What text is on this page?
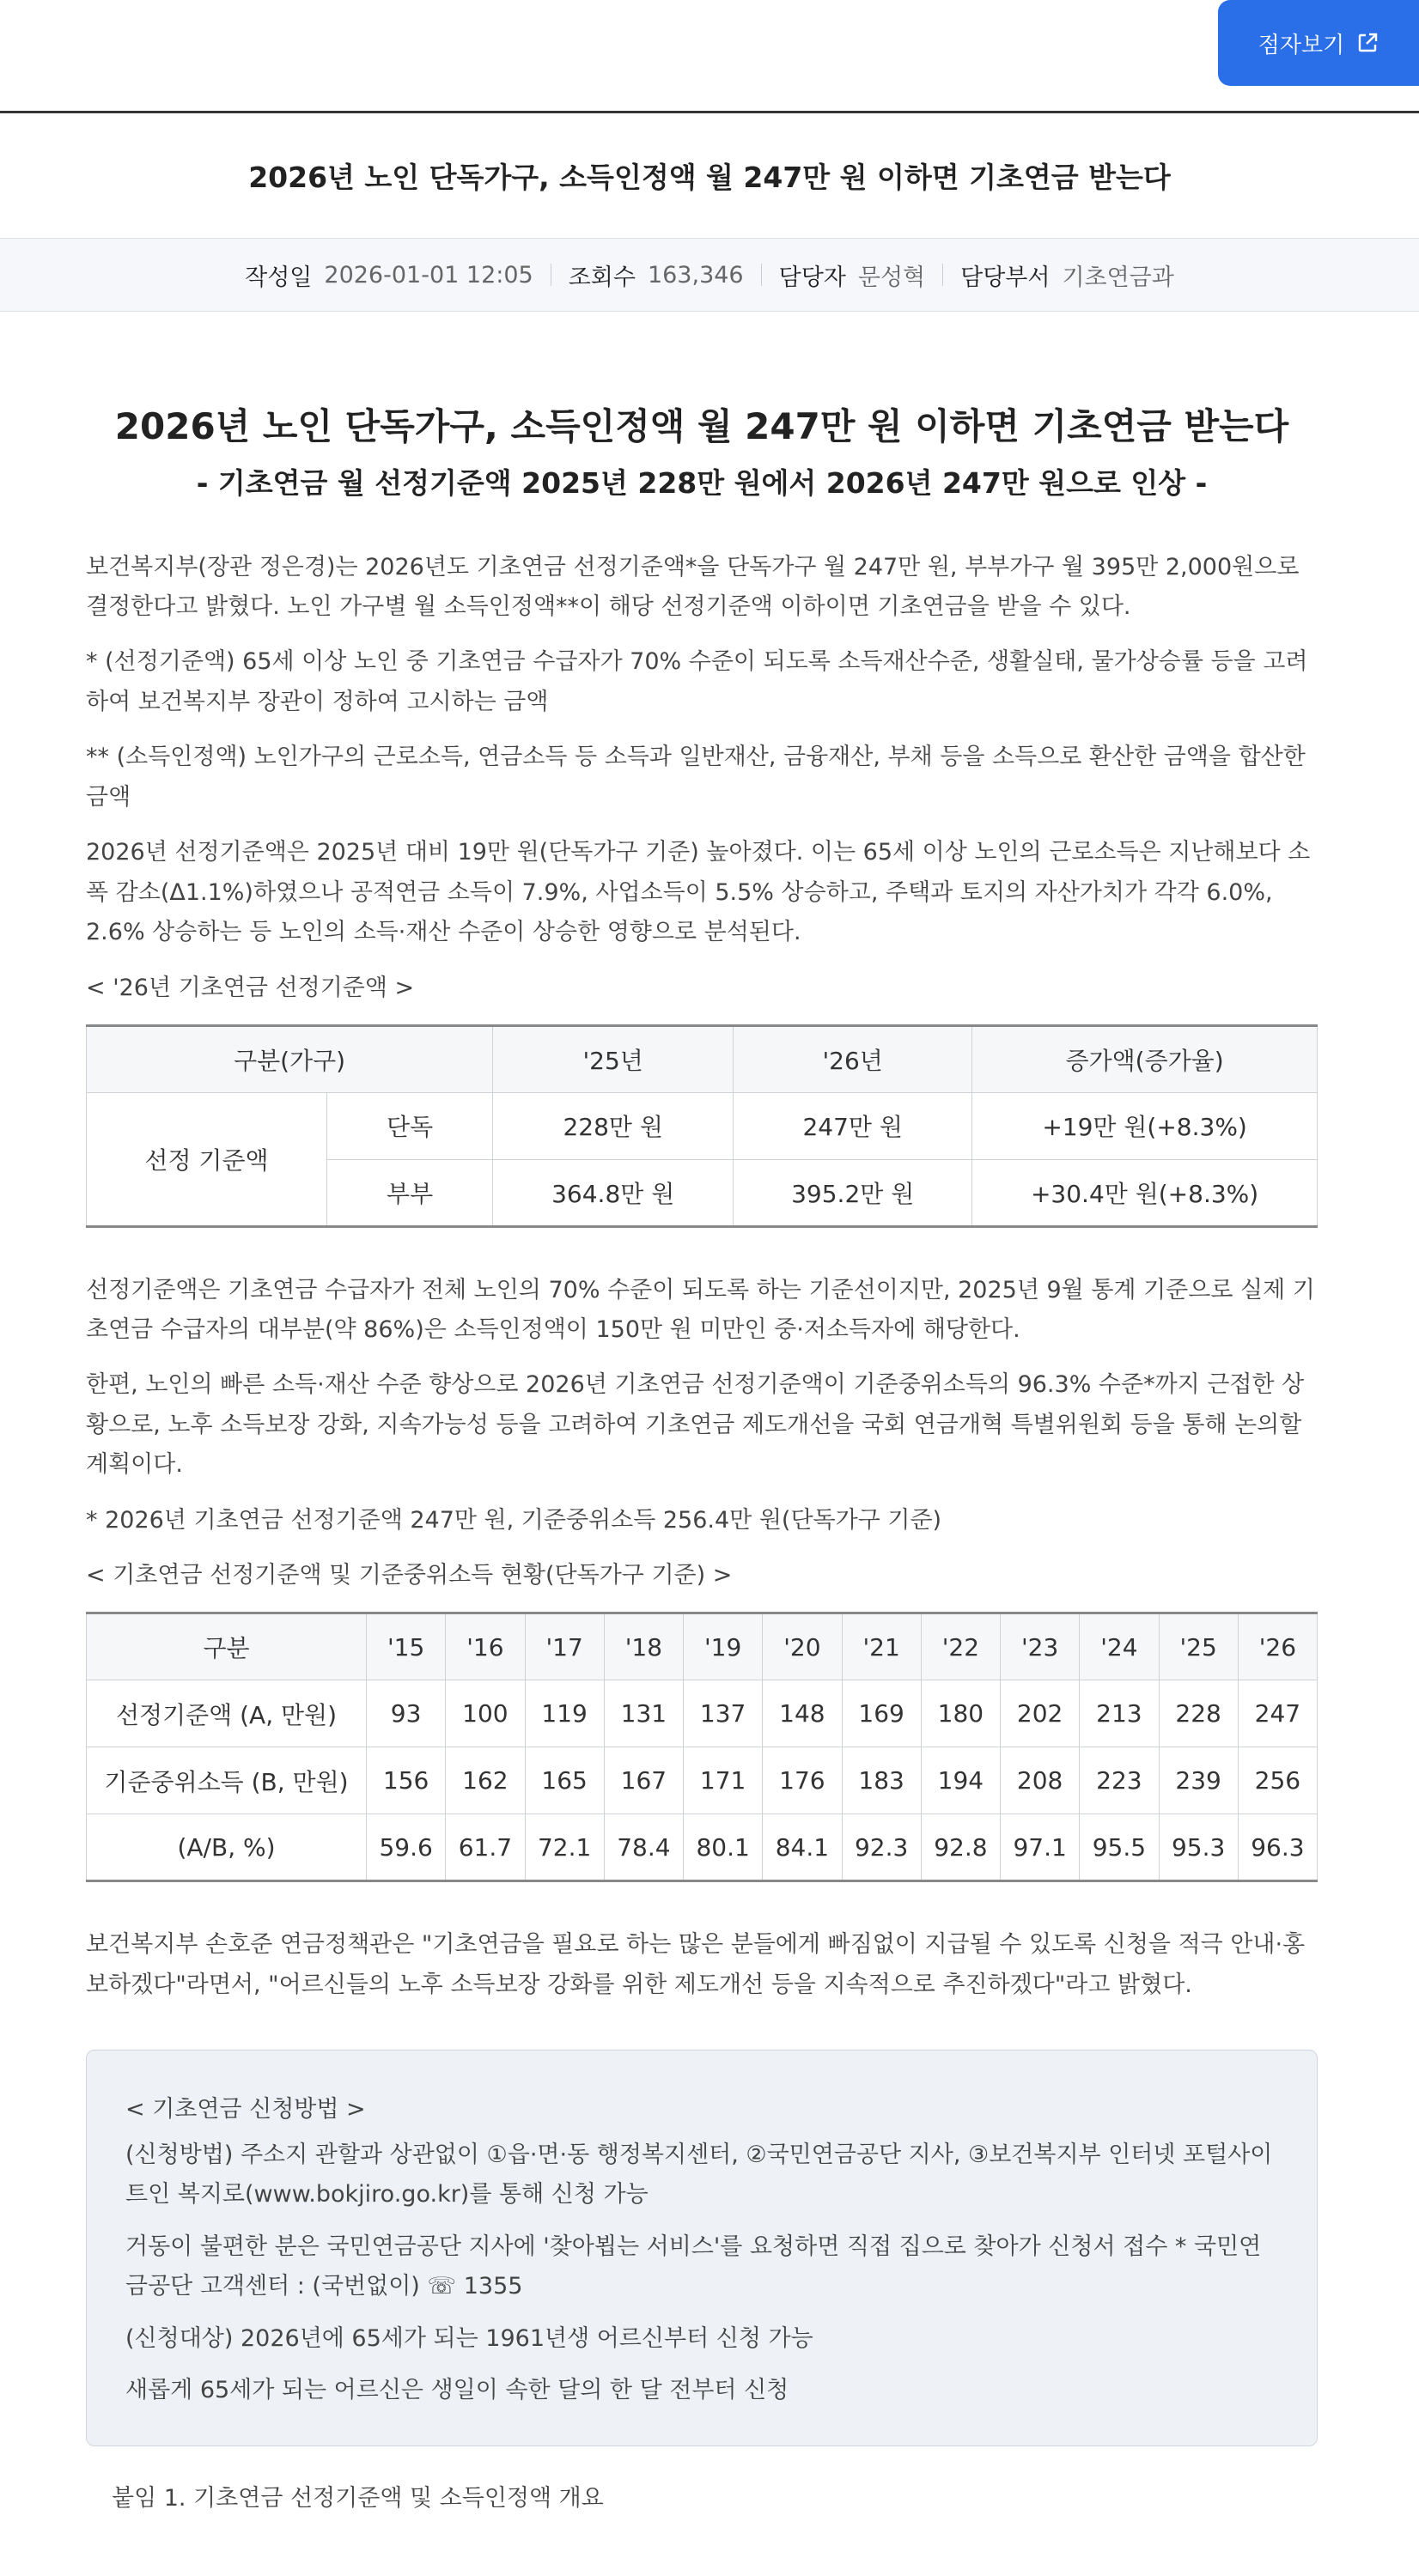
점자보기
2026년 노인 단독가구, 소득인정액 월 247만 원 이하면 기초연금 받는다
작성일 2026-01-01 12:05 조회수 163,346 담당자 문성혁 담당부서 기초연금과
2026년 노인 단독가구, 소득인정액 월 247만 원 이하면 기초연금 받는다
- 기초연금 월 선정기준액 2025년 228만 원에서 2026년 247만 원으로 인상 -
보건복지부(장관 정은경)는 2026년도 기초연금 선정기준액*을 단독가구 월 247만 원, 부부가구 월 395만 2,000원으로 결정한다고 밝혔다. 노인 가구별 월 소득인정액**이 해당 선정기준액 이하이면 기초연금을 받을 수 있다.
* (선정기준액) 65세 이상 노인 중 기초연금 수급자가 70% 수준이 되도록 소득재산수준, 생활실태, 물가상승률 등을 고려하여 보건복지부 장관이 정하여 고시하는 금액
** (소득인정액) 노인가구의 근로소득, 연금소득 등 소득과 일반재산, 금융재산, 부채 등을 소득으로 환산한 금액을 합산한 금액
2026년 선정기준액은 2025년 대비 19만 원(단독가구 기준) 높아졌다. 이는 65세 이상 노인의 근로소득은 지난해보다 소폭 감소(Δ1.1%)하였으나 공적연금 소득이 7.9%, 사업소득이 5.5% 상승하고, 주택과 토지의 자산가치가 각각 6.0%, 2.6% 상승하는 등 노인의 소득·재산 수준이 상승한 영향으로 분석된다.
< '26년 기초연금 선정기준액 >
구분(가구)		'25년	'26년	증가액(증가율)
선정 기준액	단독	228만 원	247만 원	+19만 원(+8.3%)
	부부	364.8만 원	395.2만 원	+30.4만 원(+8.3%)
선정기준액은 기초연금 수급자가 전체 노인의 70% 수준이 되도록 하는 기준선이지만, 2025년 9월 통계 기준으로 실제 기초연금 수급자의 대부분(약 86%)은 소득인정액이 150만 원 미만인 중·저소득자에 해당한다.
한편, 노인의 빠른 소득·재산 수준 향상으로 2026년 기초연금 선정기준액이 기준중위소득의 96.3% 수준*까지 근접한 상황으로, 노후 소득보장 강화, 지속가능성 등을 고려하여 기초연금 제도개선을 국회 연금개혁 특별위원회 등을 통해 논의할 계획이다.
* 2026년 기초연금 선정기준액 247만 원, 기준중위소득 256.4만 원(단독가구 기준)
< 기초연금 선정기준액 및 기준중위소득 현황(단독가구 기준) >
구분	'15	'16	'17	'18	'19	'20	'21	'22	'23	'24	'25	'26
선정기준액 (A, 만원)	93	100	119	131	137	148	169	180	202	213	228	247
기준중위소득 (B, 만원)	156	162	165	167	171	176	183	194	208	223	239	256
(A/B, %)	59.6	61.7	72.1	78.4	80.1	84.1	92.3	92.8	97.1	95.5	95.3	96.3
보건복지부 손호준 연금정책관은 "기초연금을 필요로 하는 많은 분들에게 빠짐없이 지급될 수 있도록 신청을 적극 안내·홍보하겠다"라면서, "어르신들의 노후 소득보장 강화를 위한 제도개선 등을 지속적으로 추진하겠다"라고 밝혔다.
< 기초연금 신청방법 >
(신청방법) 주소지 관할과 상관없이 ①읍·면·동 행정복지센터, ②국민연금공단 지사, ③보건복지부 인터넷 포털사이트인 복지로(www.bokjiro.go.kr)를 통해 신청 가능
거동이 불편한 분은 국민연금공단 지사에 '찾아뵙는 서비스'를 요청하면 직접 집으로 찾아가 신청서 접수 * 국민연금공단 고객센터 : (국번없이) ☏ 1355
(신청대상) 2026년에 65세가 되는 1961년생 어르신부터 신청 가능
새롭게 65세가 되는 어르신은 생일이 속한 달의 한 달 전부터 신청
붙임 1. 기초연금 선정기준액 및 소득인정액 개요
